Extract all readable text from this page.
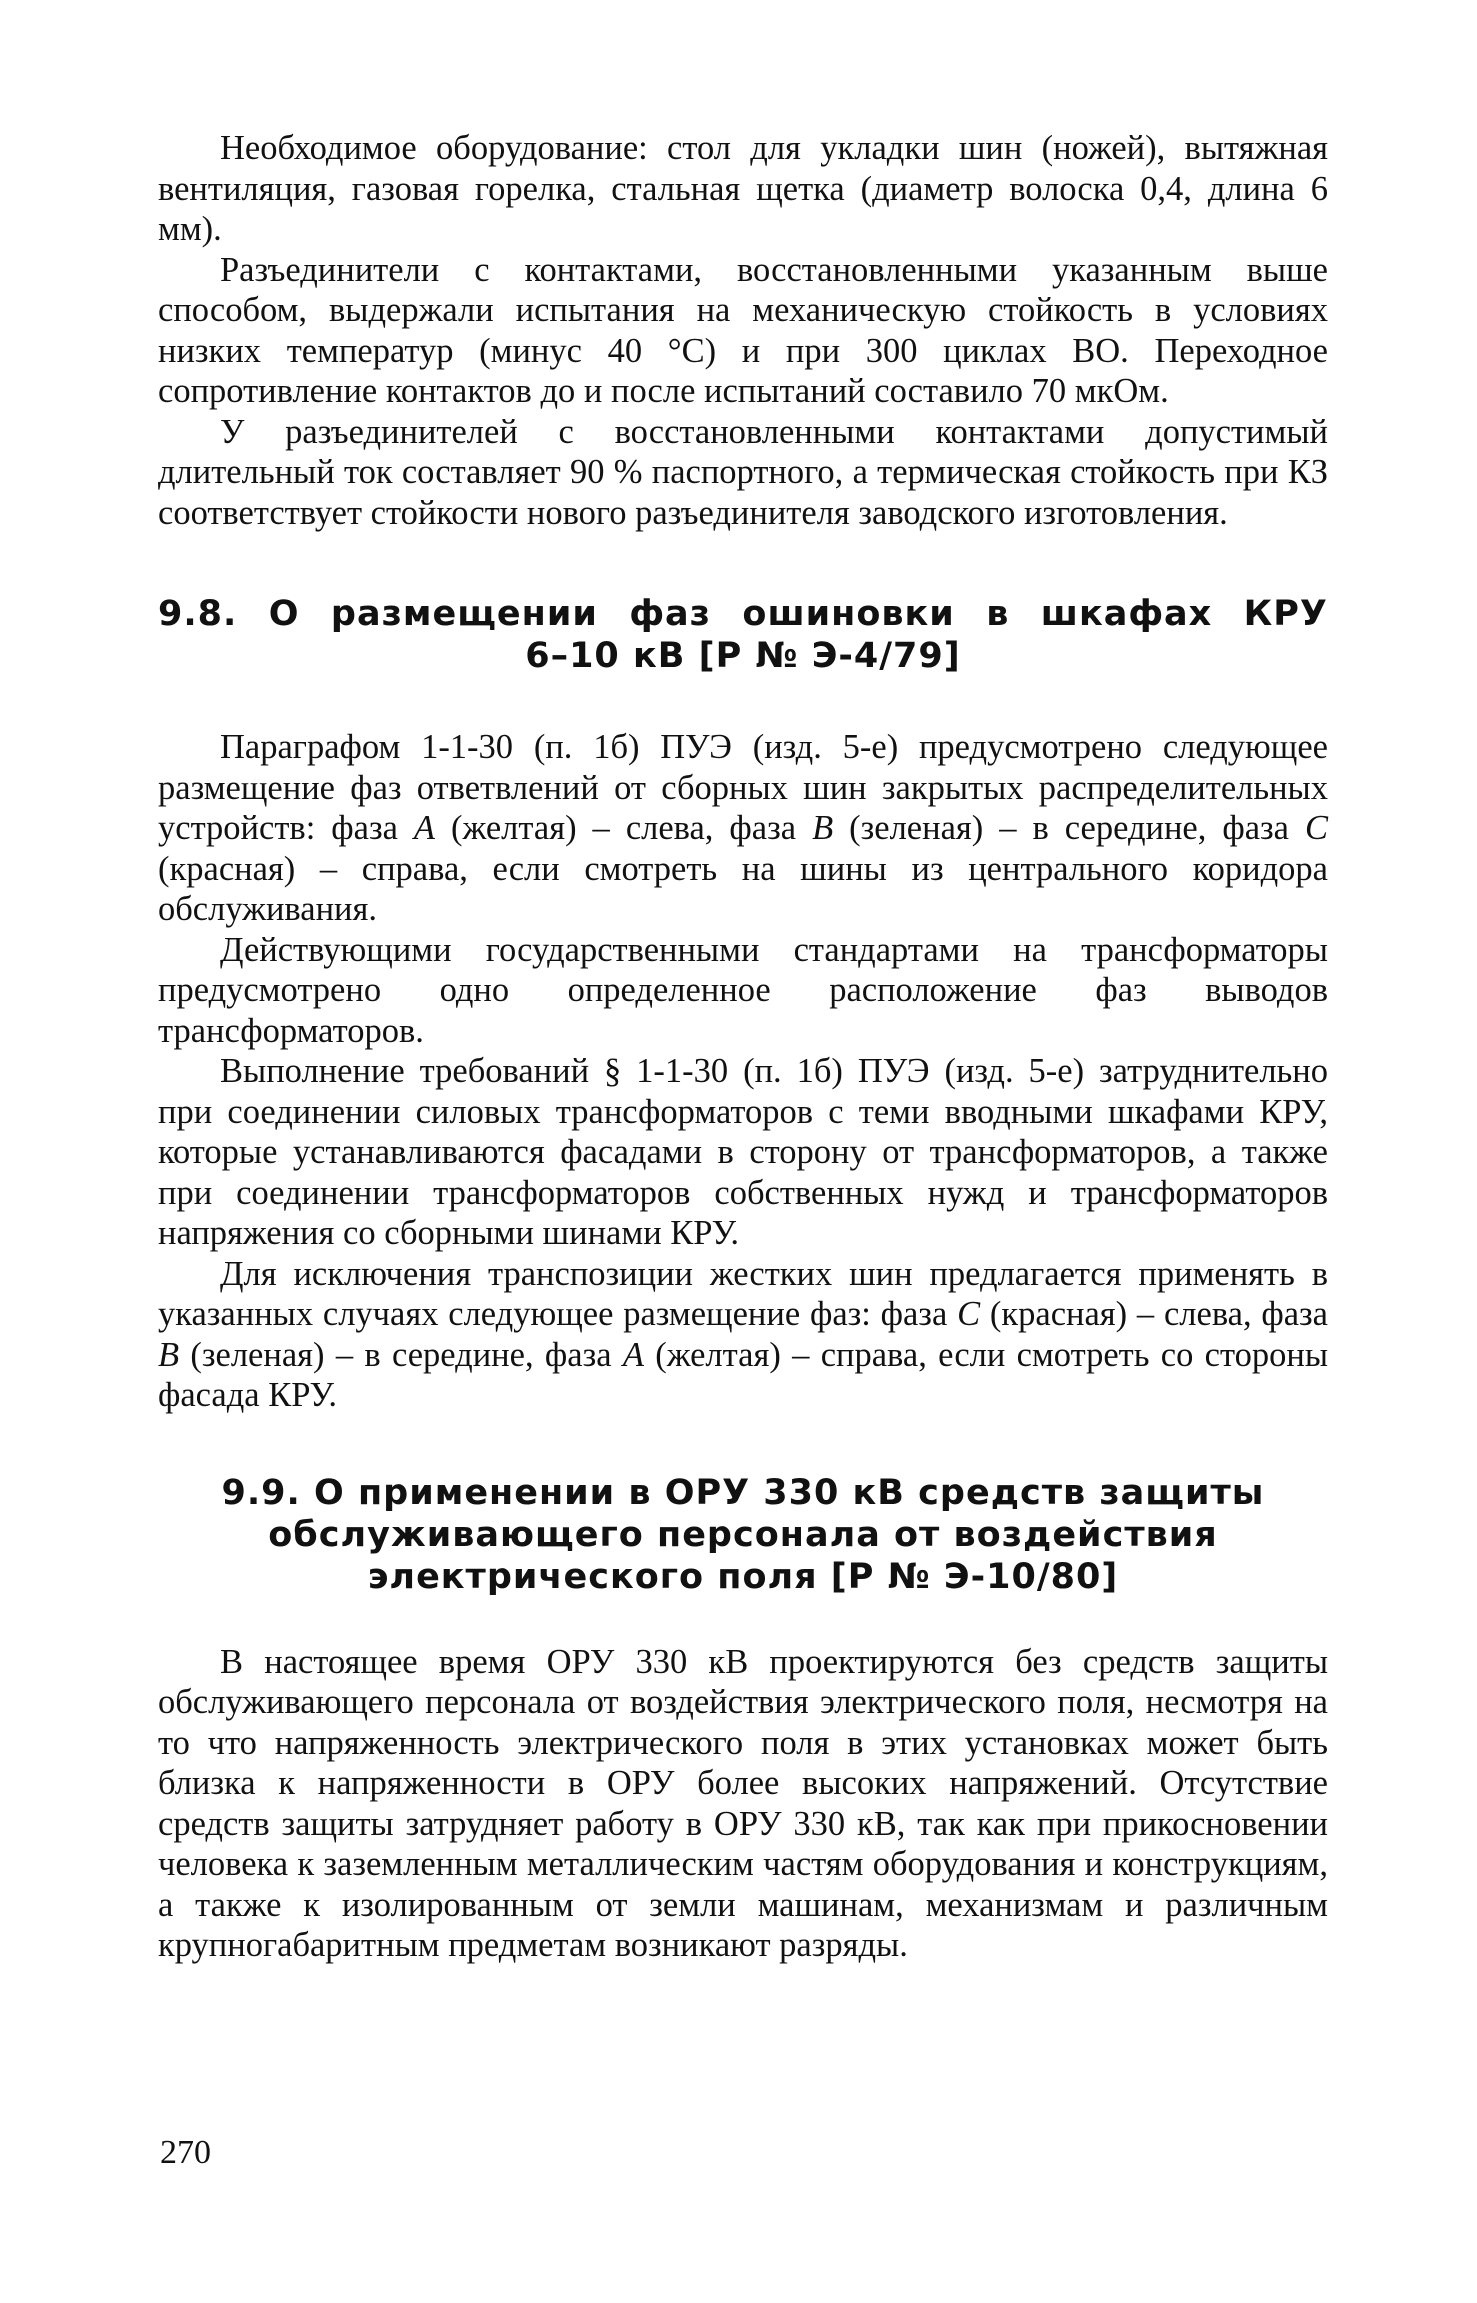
Необходимое оборудование: стол для укладки шин (ножей), вытяжная вентиляция, газовая горелка, стальная щетка (диаметр волоска 0,4, длина 6 мм).

Разъединители с контактами, восстановленными указанным выше способом, выдержали испытания на механическую стойкость в условиях низких температур (минус 40 °С) и при 300 циклах ВО. Переходное сопротивление контактов до и после испытаний составило 70 мкОм.

У разъединителей с восстановленными контактами допустимый длительный ток составляет 90 % паспортного, а термическая стойкость при КЗ соответствует стойкости нового разъединителя заводского изготовления.

9.8. О размещении фаз ошиновки в шкафах КРУ
6–10 кВ [Р № Э-4/79]

Параграфом 1-1-30 (п. 1б) ПУЭ (изд. 5-е) предусмотрено следующее размещение фаз ответвлений от сборных шин закрытых распределительных устройств: фаза A (желтая) – слева, фаза B (зеленая) – в середине, фаза C (красная) – справа, если смотреть на шины из центрального коридора обслуживания.

Действующими государственными стандартами на трансформаторы предусмотрено одно определенное расположение фаз выводов трансформаторов.

Выполнение требований § 1-1-30 (п. 1б) ПУЭ (изд. 5-е) затруднительно при соединении силовых трансформаторов с теми вводными шкафами КРУ, которые устанавливаются фасадами в сторону от трансформаторов, а также при соединении трансформаторов собственных нужд и трансформаторов напряжения со сборными шинами КРУ.

Для исключения транспозиции жестких шин предлагается применять в указанных случаях следующее размещение фаз: фаза C (красная) – слева, фаза B (зеленая) – в середине, фаза A (желтая) – справа, если смотреть со стороны фасада КРУ.

9.9. О применении в ОРУ 330 кВ средств защиты
обслуживающего персонала от воздействия
электрического поля [Р № Э-10/80]

В настоящее время ОРУ 330 кВ проектируются без средств защиты обслуживающего персонала от воздействия электрического поля, несмотря на то что напряженность электрического поля в этих установках может быть близка к напряженности в ОРУ более высоких напряжений. Отсутствие средств защиты затрудняет работу в ОРУ 330 кВ, так как при прикосновении человека к заземленным металлическим частям оборудования и конструкциям, а также к изолированным от земли машинам, механизмам и различным крупногабаритным предметам возникают разряды.

270
